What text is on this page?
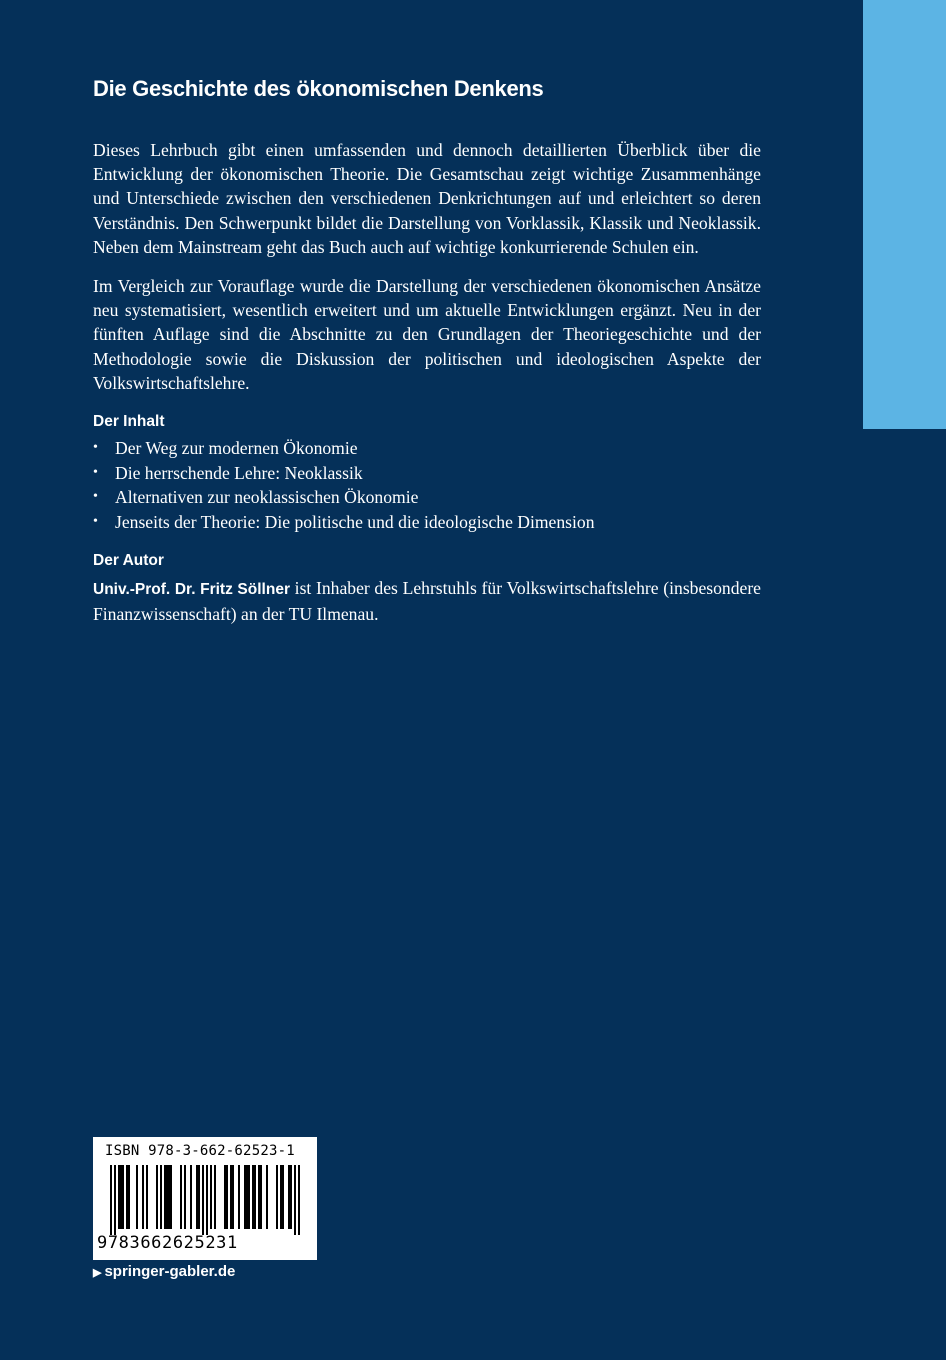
Die Geschichte des ökonomischen Denkens

Dieses Lehrbuch gibt einen umfassenden und dennoch detaillierten Überblick über die Entwicklung der ökonomischen Theorie. Die Gesamtschau zeigt wichtige Zusammenhänge und Unterschiede zwischen den verschiedenen Denkrichtungen auf und erleichtert so deren Verständnis. Den Schwerpunkt bildet die Darstellung von Vorklassik, Klassik und Neoklassik. Neben dem Mainstream geht das Buch auch auf wichtige konkurrierende Schulen ein.

Im Vergleich zur Vorauflage wurde die Darstellung der verschiedenen ökonomischen Ansätze neu systematisiert, wesentlich erweitert und um aktuelle Entwicklungen ergänzt. Neu in der fünften Auflage sind die Abschnitte zu den Grundlagen der Theoriegeschichte und der Methodologie sowie die Diskussion der politischen und ideologischen Aspekte der Volkswirtschaftslehre.

Der Inhalt
• Der Weg zur modernen Ökonomie
• Die herrschende Lehre: Neoklassik
• Alternativen zur neoklassischen Ökonomie
• Jenseits der Theorie: Die politische und die ideologische Dimension
Der Autor

Univ.-Prof. Dr. Fritz Söllner ist Inhaber des Lehrstuhls für Volkswirtschaftslehre (insbesondere Finanzwissenschaft) an der TU Ilmenau.

ISBN 978-3-662-62523-1
9783662625231
▶ springer-gabler.de
